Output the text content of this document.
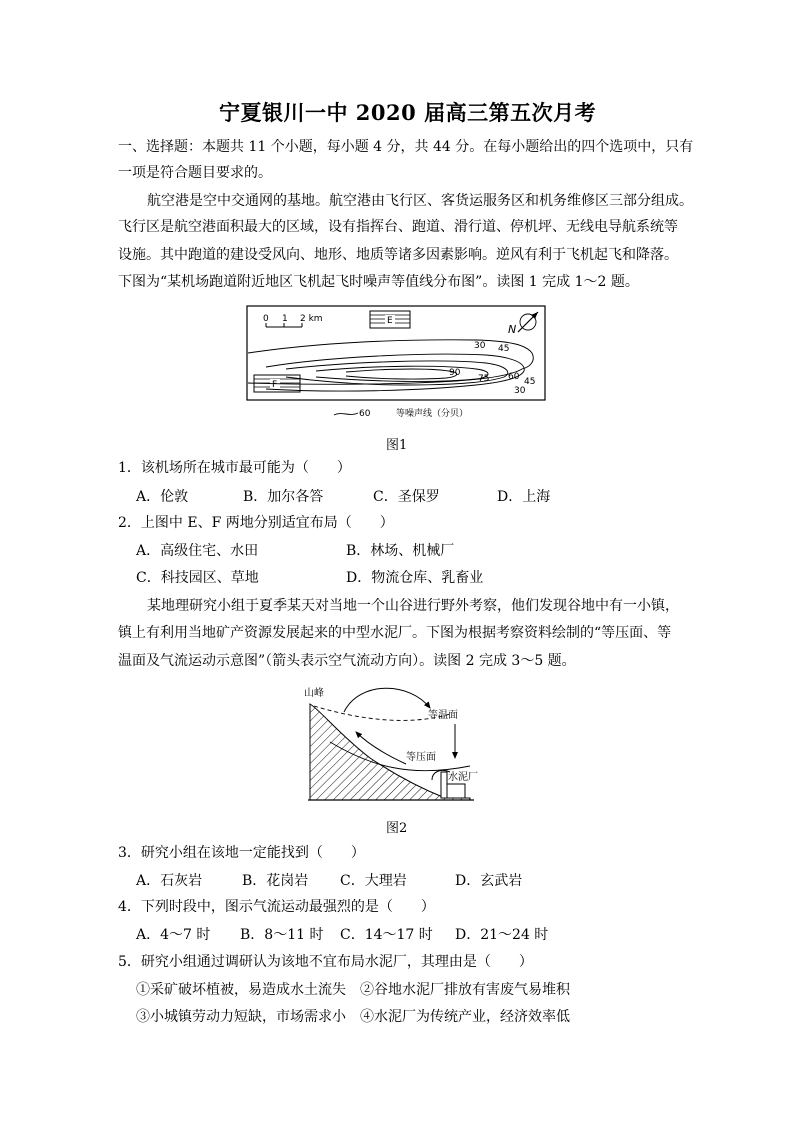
宁夏银川一中 2020 届高三第五次月考
一、选择题：本题共 11 个小题，每小题 4 分，共 44 分。在每小题给出的四个选项中，只有
一项是符合题目要求的。
航空港是空中交通网的基地。航空港由飞行区、客货运服务区和机务维修区三部分组成。
飞行区是航空港面积最大的区域，设有指挥台、跑道、滑行道、停机坪、无线电导航系统等
设施。其中跑道的建设受风向、地形、地质等诸多因素影响。逆风有利于飞机起飞和降落。
下图为“某机场跑道附近地区飞机起飞时噪声等值线分布图”。读图 1 完成 1～2 题。
0 1 2 km	E
F
N
30 45
90
75 60 45
30
60	等噪声线（分贝）
图1
1．该机场所在城市最可能为（　　）
A．伦敦	B．加尔各答	C．圣保罗	D．上海
2．上图中 E、F 两地分别适宜布局（　　）
A．高级住宅、水田	B．林场、机械厂
C．科技园区、草地	D．物流仓库、乳畜业
某地理研究小组于夏季某天对当地一个山谷进行野外考察，他们发现谷地中有一小镇，
镇上有利用当地矿产资源发展起来的中型水泥厂。下图为根据考察资料绘制的“等压面、等
温面及气流运动示意图”（箭头表示空气流动方向）。读图 2 完成 3～5 题。
山峰
等温面
等压面
水泥厂
图2
3．研究小组在该地一定能找到（　　）
A．石灰岩	B．花岗岩 C．大理岩	D．玄武岩
4．下列时段中，图示气流运动最强烈的是（　　）
A．4～7 时 B．8～11 时 C．14～17 时 D．21～24 时
5．研究小组通过调研认为该地不宜布局水泥厂，其理由是（　　）
①采矿破坏植被，易造成水土流失 ②谷地水泥厂排放有害废气易堆积
③小城镇劳动力短缺，市场需求小 ④水泥厂为传统产业，经济效率低
